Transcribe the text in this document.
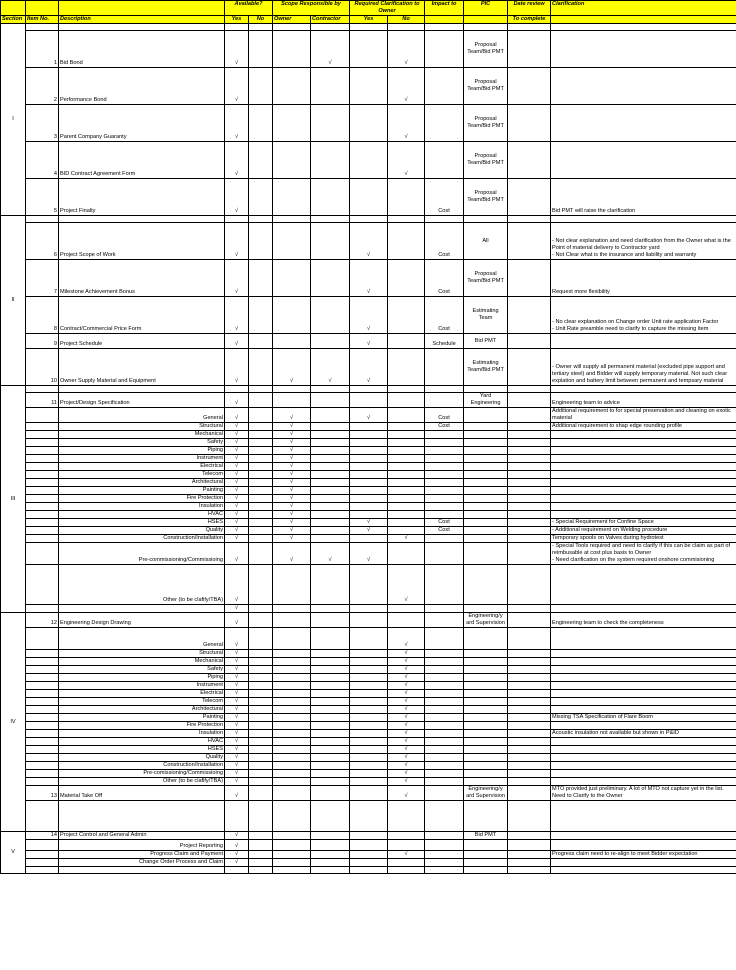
			Available?		Scope Responsible by		Required Clarification to Owner		Impact to	PIC	Date review	Clarification
Section	Item No.	Description	Yes	No	Owner	Contractor	Yes	No			To complete	
I												
	1	Bid Bond	√			√		√		Proposal Team/Bid PMT		
	2	Performance Bond	√					√		Proposal Team/Bid PMT		
	3	Parent Company Guaranty	√					√		Proposal Team/Bid PMT		
	4	BID Contract Agreement Form	√					√		Proposal Team/Bid PMT		
	5	Project Finalty	√						Cost	Proposal Team/Bid PMT		Bid PMT will raise the clarification
II												
	6	Project Scope of Work	√				√		Cost	All		- Not clear explanation and need clarification from the Owner what is the Point of material delivery to Contractor yard
- Not Clear what is the insurance and liability and warranty
	7	Milestone Achievement Bonus	√				√		Cost	Proposal Team/Bid PMT		Request more flexibility
	8	Contract/Commercial Price Form	√				√		Cost	Estimating Team		- No clear explanation on Change order Unit rate application Factor
- Unit Rate preamble need to clarify to capture the missing item
	9	Project Schedule	√				√		Schedule	Bid PMT		
	10	Owner Supply Material and Equipment	√		√	√	√			Estimating Team/Bid PMT		- Owner will supply all permanent material (excluded pipe support and tertiary steel) and Bidder will supply temporary material. Not such clear explation and battery limit between permanent and tempsary material
III												
	11	Project/Design Specification	√							Yard Engineering		Engineering team to advice
		General	√		√		√		Cost			Additional requirement to for special preservation and cleaning on exotic material
		Structural	√		√				Cost			Additional requirement to shap edge rounding profile
		Mechanical	√		√							
		Safety	√		√							
		Piping	√		√							
		Instrument	√		√							
		Electrical	√		√							
		Telecom	√		√							
		Architectural	√		√							
		Painting	√		√							
		Fire Protection	√		√							
		Insulation	√		√							
		HVAC	√		√							
		HSES	√		√		√		Cost			- Special Requirement for Confine Space
		Quality	√		√		√		Cost			- Additional requirement on Welding procedure
		Construction/Installation	√		√			√				Temporary spools on Valves during hydrotest
		Pre-commissioning/Commissioing	√		√	√	√					- Special Tools required and need to clarify if this can be claim as part of reimbusable at cost plus basis to Owner
- Need clarification on the system required onshore commisioning
		Other (to be clafify/TBA)	√					√				
			√									
IV	12	Engineering Design Drawing	√							Engineering/y ard Supervision		Engineering team to check the completeness
		General	√					√				
		Structural	√					√				
		Mechanical	√					√				
		Safety	√					√				
		Piping	√					√				
		Instrument	√					√				
		Electrical	√					√				
		Telecom	√					√				
		Architectural	√					√				
		Painting	√					√				Missing TSA Specification of Flare Boom
		Fire Protection	√					√				
		Insulation	√					√				Acoustic insulation not available but shown in P&ID
		HVAC	√					√				
		HSES	√					√				
		Quality	√					√				
		Construction/Installation	√					√				
		Pre-comissioning/Commissioing	√					√				
		Other (to be clafify/TBA)	√					√				
	13	Material Take Off	√					√		Engineering/y ard Supervision		MTO provided just preliminary. A lot of MTO not capture yet in the list. Need to Clarify to the Owner

V	14	Project Control and General Admin	√							Bid PMT		
		Project Reporting	√									
		Progress Claim and Payment	√					√				Progress claim need to re-align to meet Bidder expectation
		Change Order Process and Claim	√									
